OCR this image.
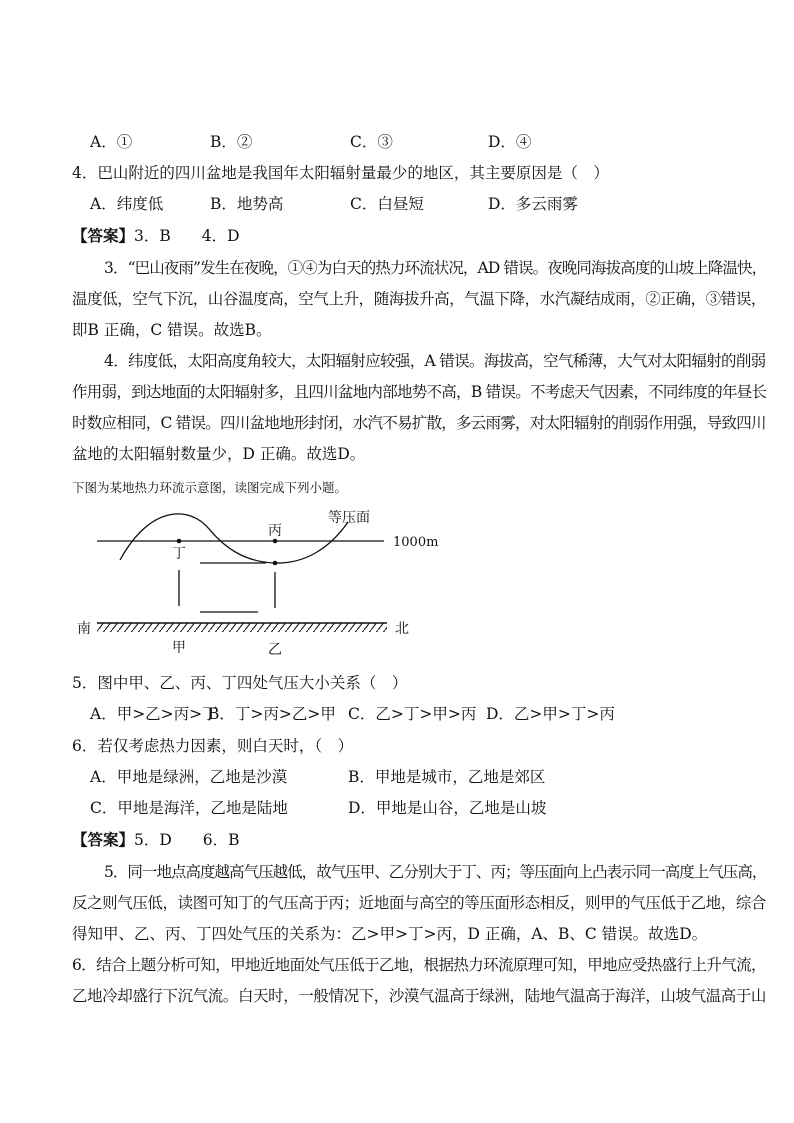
A．①	B．②	C．③	D．④
4．巴山附近的四川盆地是我国年太阳辐射量最少的地区，其主要原因是（　）
A．纬度低	B．地势高	C．白昼短	D．多云雨雾
【答案】3．B　　4．D
3．“巴山夜雨”发生在夜晚，①④为白天的热力环流状况，AD 错误。夜晚同海拔高度的山坡上降温快，
温度低，空气下沉，山谷温度高，空气上升，随海拔升高，气温下降，水汽凝结成雨，②正确，③错误，
即B 正确，C 错误。故选B。
4．纬度低，太阳高度角较大，太阳辐射应较强，A 错误。海拔高，空气稀薄，大气对太阳辐射的削弱
作用弱，到达地面的太阳辐射多，且四川盆地内部地势不高，B 错误。不考虑天气因素，不同纬度的年昼长
时数应相同，C 错误。四川盆地地形封闭，水汽不易扩散，多云雨雾，对太阳辐射的削弱作用强，导致四川
盆地的太阳辐射数量少，D 正确。故选D。
下图为某地热力环流示意图，读图完成下列小题。
等压面
1000m
丙
丁
甲	乙
南	北
5．图中甲、乙、丙、丁四处气压大小关系（　）
A．甲>乙>丙>丁
B．丁>丙>乙>甲 C．乙>丁>甲>丙 D．乙>甲>丁>丙
6．若仅考虑热力因素，则白天时，（　）
A．甲地是绿洲，乙地是沙漠	B．甲地是城市，乙地是郊区
C．甲地是海洋，乙地是陆地	D．甲地是山谷，乙地是山坡
【答案】5．D　　6．B
5．同一地点高度越高气压越低，故气压甲、乙分别大于丁、丙；等压面向上凸表示同一高度上气压高，
反之则气压低，读图可知丁的气压高于丙；近地面与高空的等压面形态相反，则甲的气压低于乙地，综合
得知甲、乙、丙、丁四处气压的关系为：乙>甲>丁>丙，D 正确，A、B、C 错误。故选D。
6．结合上题分析可知，甲地近地面处气压低于乙地，根据热力环流原理可知，甲地应受热盛行上升气流，
乙地冷却盛行下沉气流。白天时，一般情况下，沙漠气温高于绿洲，陆地气温高于海洋，山坡气温高于山
